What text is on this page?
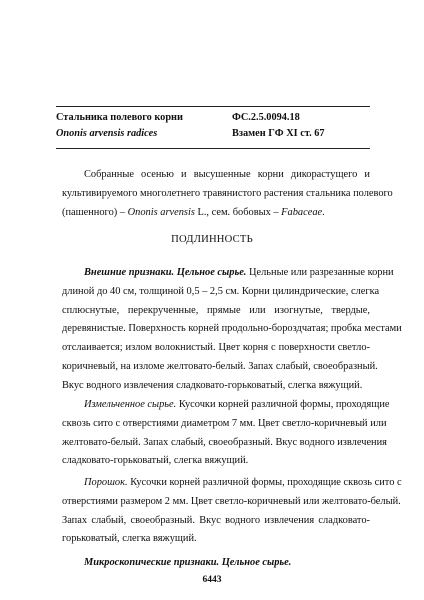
Стальника полевого корни	ФС.2.5.0094.18
Ononis arvensis radices	Взамен ГФ XI ст. 67
Собранные осенью и высушенные корни дикорастущего и
культивируемого многолетнего травянистого растения стальника полевого
(пашенного) – Ononis arvensis L., сем. бобовых – Fabaceae.
ПОДЛИННОСТЬ
Внешние признаки. Цельное сырье. Цельные или разрезанные корни
длиной до 40 см, толщиной 0,5 – 2,5 см. Корни цилиндрические, слегка
сплюснутые, перекрученные, прямые или изогнутые, твердые,
деревянистые. Поверхность корней продольно-бороздчатая; пробка местами
отслаивается; излом волокнистый. Цвет корня с поверхности светло-
коричневый, на изломе желтовато-белый. Запах слабый, своеобразный.
Вкус водного извлечения сладковато-горьковатый, слегка вяжущий.
Измельченное сырье. Кусочки корней различной формы, проходящие
сквозь сито с отверстиями диаметром 7 мм. Цвет светло-коричневый или
желтовато-белый. Запах слабый, своеобразный. Вкус водного извлечения
сладковато-горьковатый, слегка вяжущий.
Порошок. Кусочки корней различной формы, проходящие сквозь сито с
отверстиями размером 2 мм. Цвет светло-коричневый или желтовато-белый.
Запах слабый, своеобразный. Вкус водного извлечения сладковато-
горьковатый, слегка вяжущий.
Микроскопические признаки. Цельное сырье.
6443
